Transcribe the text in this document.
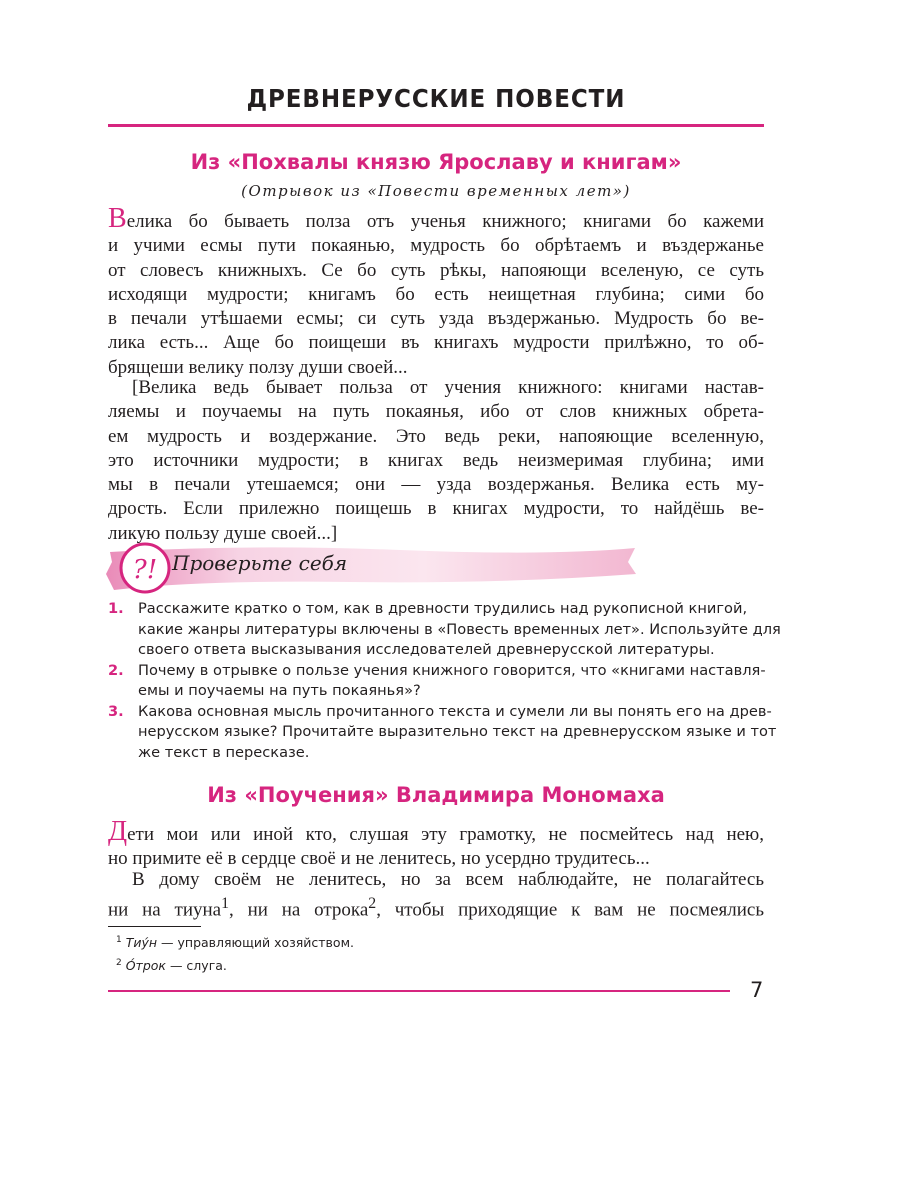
ДРЕВНЕРУССКИЕ ПОВЕСТИ
Из «Похвалы князю Ярославу и книгам»
(Отрывок из «Повести временных лет»)
Велика бо бываеть полза отъ ученья книжного; книгами бо кажеми
и учими есмы пути покаянью, мудрость бо обрѣтаемъ и въздержанье
от словесъ книжныхъ. Се бо суть рѣкы, напояющи вселеную, се суть
исходящи мудрости; книгамъ бо есть неищетная глубина; сими бо
в печали утѣшаеми есмы; си суть узда въздержанью. Мудрость бо ве-
лика есть... Аще бо поищеши въ книгахъ мудрости прилѣжно, то об-
брящеши велику ползу души своей...
[Велика ведь бывает польза от учения книжного: книгами настав-
ляемы и поучаемы на путь покаянья, ибо от слов книжных обрета-
ем мудрость и воздержание. Это ведь реки, напояющие вселенную,
это источники мудрости; в книгах ведь неизмеримая глубина; ими
мы в печали утешаемся; они — узда воздержанья. Велика есть му-
дрость. Если прилежно поищешь в книгах мудрости, то найдёшь ве-
ликую пользу душе своей...]
?! Проверьте себя
1. Расскажите кратко о том, как в древности трудились над рукописной книгой,
какие жанры литературы включены в «Повесть временных лет». Используйте для
своего ответа высказывания исследователей древнерусской литературы.
2. Почему в отрывке о пользе учения книжного говорится, что «книгами наставля-
емы и поучаемы на путь покаянья»?
3. Какова основная мысль прочитанного текста и сумели ли вы понять его на древ-
нерусском языке? Прочитайте выразительно текст на древнерусском языке и тот
же текст в пересказе.
Из «Поучения» Владимира Мономаха
Дети мои или иной кто, слушая эту грамотку, не посмейтесь над нею,
но примите её в сердце своё и не ленитесь, но усердно трудитесь...
В дому своём не ленитесь, но за всем наблюдайте, не полагайтесь
ни на тиуна$^1$, ни на отрока$^2$, чтобы приходящие к вам не посмеялись
$^1$ Тиу́н — управляющий хозяйством.
$^2$ О́трок — слуга.
7
